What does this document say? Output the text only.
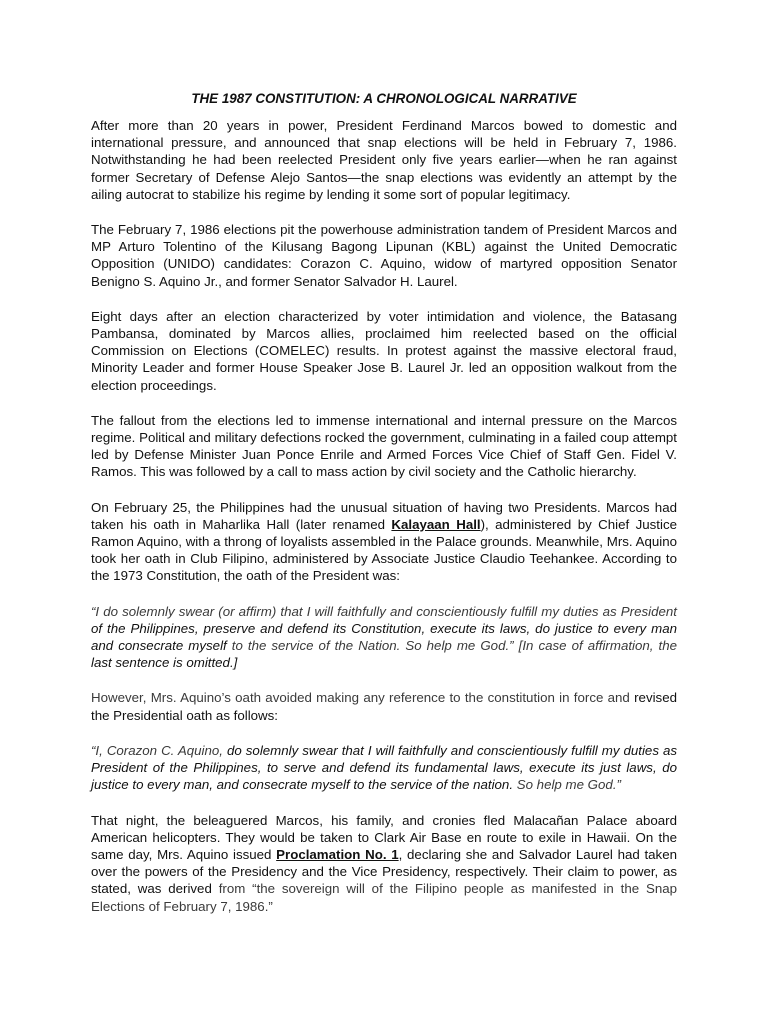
THE 1987 CONSTITUTION: A CHRONOLOGICAL NARRATIVE

After more than 20 years in power, President Ferdinand Marcos bowed to domestic and international pressure, and announced that snap elections will be held in February 7, 1986. Notwithstanding he had been reelected President only five years earlier—when he ran against former Secretary of Defense Alejo Santos—the snap elections was evidently an attempt by the ailing autocrat to stabilize his regime by lending it some sort of popular legitimacy.

The February 7, 1986 elections pit the powerhouse administration tandem of President Marcos and MP Arturo Tolentino of the Kilusang Bagong Lipunan (KBL) against the United Democratic Opposition (UNIDO) candidates: Corazon C. Aquino, widow of martyred opposition Senator Benigno S. Aquino Jr., and former Senator Salvador H. Laurel.

Eight days after an election characterized by voter intimidation and violence, the Batasang Pambansa, dominated by Marcos allies, proclaimed him reelected based on the official Commission on Elections (COMELEC) results. In protest against the massive electoral fraud, Minority Leader and former House Speaker Jose B. Laurel Jr. led an opposition walkout from the election proceedings.

The fallout from the elections led to immense international and internal pressure on the Marcos regime. Political and military defections rocked the government, culminating in a failed coup attempt led by Defense Minister Juan Ponce Enrile and Armed Forces Vice Chief of Staff Gen. Fidel V. Ramos. This was followed by a call to mass action by civil society and the Catholic hierarchy.

On February 25, the Philippines had the unusual situation of having two Presidents. Marcos had taken his oath in Maharlika Hall (later renamed Kalayaan Hall), administered by Chief Justice Ramon Aquino, with a throng of loyalists assembled in the Palace grounds. Meanwhile, Mrs. Aquino took her oath in Club Filipino, administered by Associate Justice Claudio Teehankee. According to the 1973 Constitution, the oath of the President was:

“I do solemnly swear (or affirm) that I will faithfully and conscientiously fulfill my duties as President of the Philippines, preserve and defend its Constitution, execute its laws, do justice to every man and consecrate myself to the service of the Nation. So help me God.” [In case of affirmation, the last sentence is omitted.]

However, Mrs. Aquino’s oath avoided making any reference to the constitution in force and revised the Presidential oath as follows:

“I, Corazon C. Aquino, do solemnly swear that I will faithfully and conscientiously fulfill my duties as President of the Philippines, to serve and defend its fundamental laws, execute its just laws, do justice to every man, and consecrate myself to the service of the nation. So help me God.”

That night, the beleaguered Marcos, his family, and cronies fled Malacañan Palace aboard American helicopters. They would be taken to Clark Air Base en route to exile in Hawaii. On the same day, Mrs. Aquino issued Proclamation No. 1, declaring she and Salvador Laurel had taken over the powers of the Presidency and the Vice Presidency, respectively. Their claim to power, as stated, was derived from “the sovereign will of the Filipino people as manifested in the Snap Elections of February 7, 1986.”
